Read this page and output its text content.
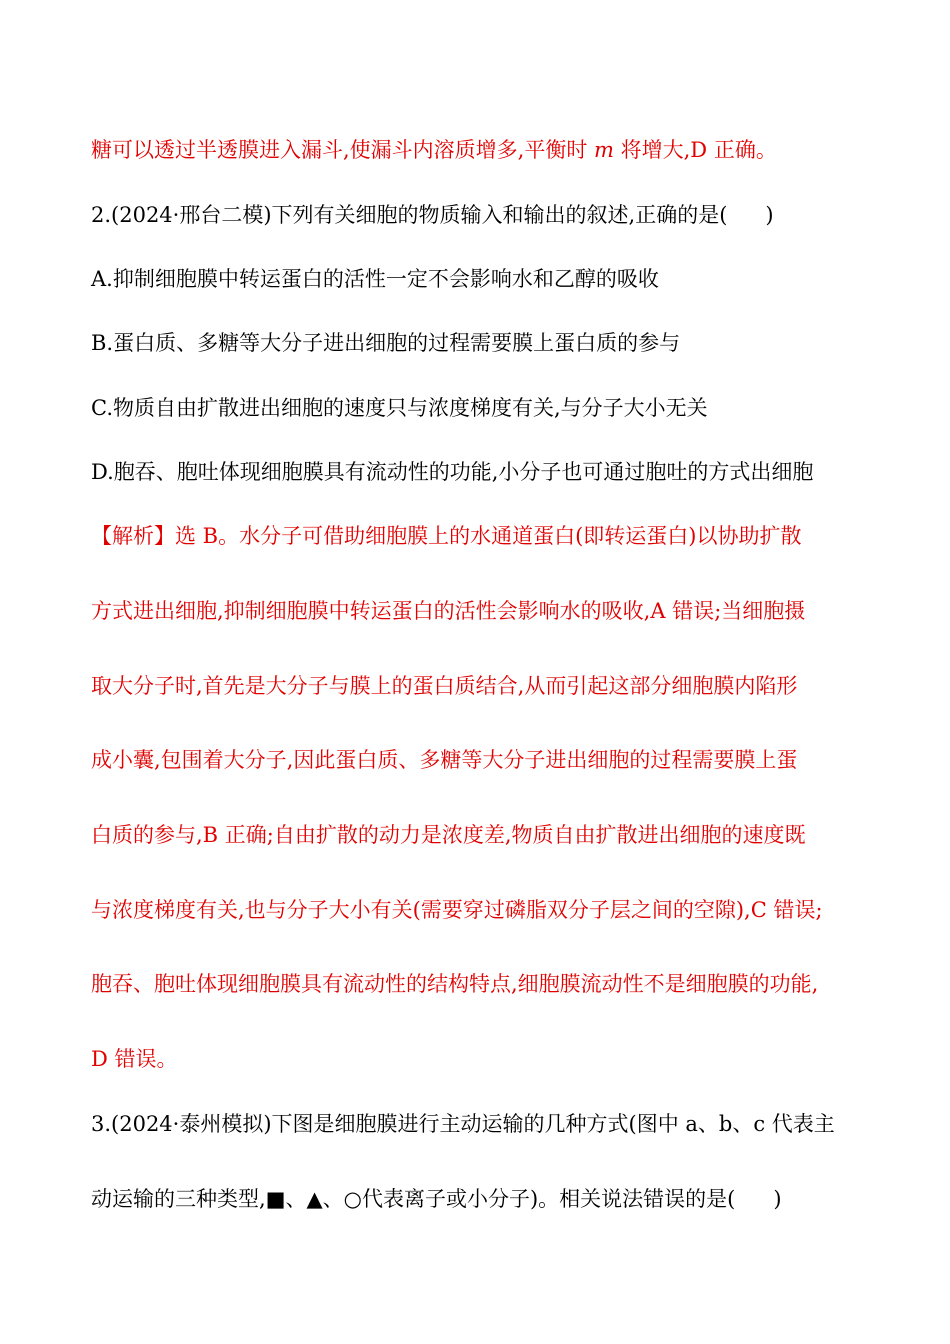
糖可以透过半透膜进入漏斗,使漏斗内溶质增多,平衡时 m 将增大,D 正确。
2.(2024·邢台二模)下列有关细胞的物质输入和输出的叙述,正确的是( )
A.抑制细胞膜中转运蛋白的活性一定不会影响水和乙醇的吸收
B.蛋白质、多糖等大分子进出细胞的过程需要膜上蛋白质的参与
C.物质自由扩散进出细胞的速度只与浓度梯度有关,与分子大小无关
D.胞吞、胞吐体现细胞膜具有流动性的功能,小分子也可通过胞吐的方式出细胞
【解析】选 B。水分子可借助细胞膜上的水通道蛋白(即转运蛋白)以协助扩散
方式进出细胞,抑制细胞膜中转运蛋白的活性会影响水的吸收,A 错误;当细胞摄
取大分子时,首先是大分子与膜上的蛋白质结合,从而引起这部分细胞膜内陷形
成小囊,包围着大分子,因此蛋白质、多糖等大分子进出细胞的过程需要膜上蛋
白质的参与,B 正确;自由扩散的动力是浓度差,物质自由扩散进出细胞的速度既
与浓度梯度有关,也与分子大小有关(需要穿过磷脂双分子层之间的空隙),C 错误;
胞吞、胞吐体现细胞膜具有流动性的结构特点,细胞膜流动性不是细胞膜的功能,
D 错误。
3.(2024·泰州模拟)下图是细胞膜进行主动运输的几种方式(图中 a、b、c 代表主
动运输的三种类型,■、▲、○代表离子或小分子)。相关说法错误的是( )
